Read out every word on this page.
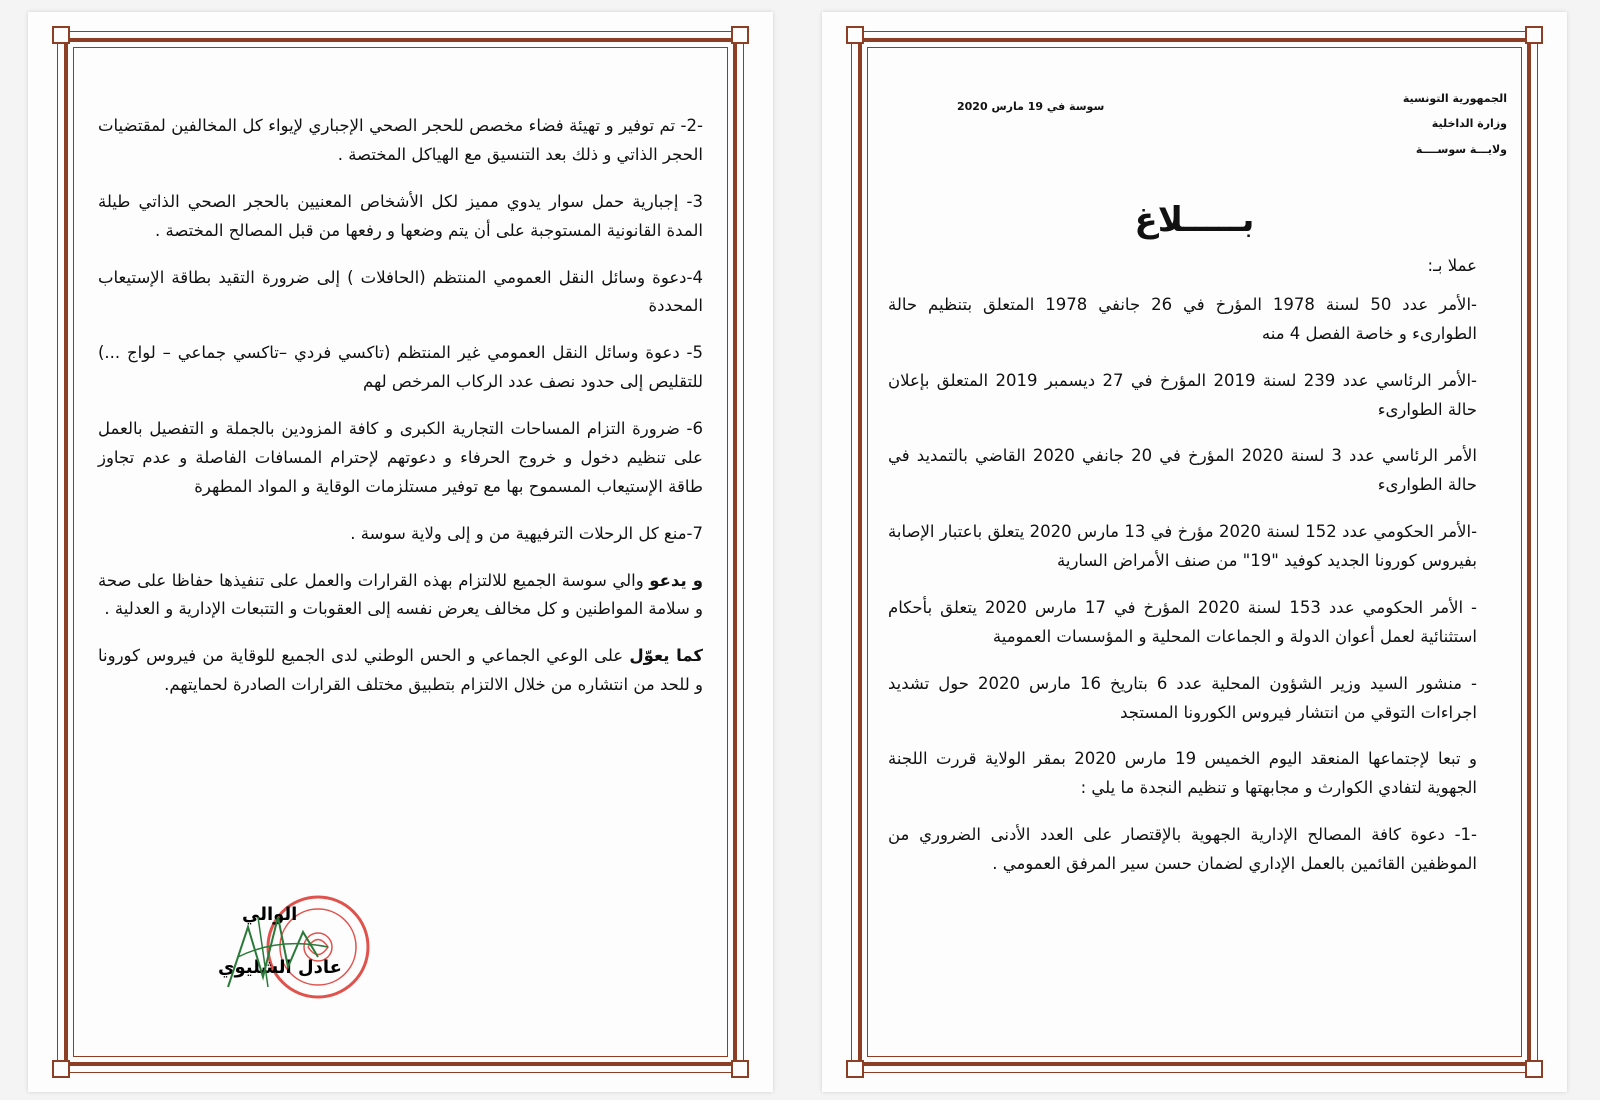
-2- تم توفير و تهيئة فضاء مخصص للحجر الصحي الإجباري لإيواء كل المخالفين لمقتضيات الحجر الذاتي و ذلك بعد التنسيق مع الهياكل المختصة .

3- إجبارية حمل سوار يدوي مميز لكل الأشخاص المعنيين بالحجر الصحي الذاتي طيلة المدة القانونية المستوجبة على أن يتم وضعها و رفعها من قبل المصالح المختصة .

4-دعوة وسائل النقل العمومي المنتظم (الحافلات ) إلى ضرورة التقيد بطاقة الإستيعاب المحددة

5- دعوة وسائل النقل العمومي غير المنتظم (تاكسي فردي –تاكسي جماعي – لواج ...) للتقليص إلى حدود نصف عدد الركاب المرخص لهم

6- ضرورة التزام المساحات التجارية الكبرى و كافة المزودين بالجملة و التفصيل بالعمل على تنظيم دخول و خروج الحرفاء و دعوتهم لإحترام المسافات الفاصلة و عدم تجاوز طاقة الإستيعاب المسموح بها مع توفير مستلزمات الوقاية و المواد المطهرة

7-منع كل الرحلات الترفيهية من و إلى ولاية سوسة .

و يدعو والي سوسة الجميع للالتزام بهذه القرارات والعمل على تنفيذها حفاظا على صحة و سلامة المواطنين و كل مخالف يعرض نفسه إلى العقوبات و التتبعات الإدارية و العدلية .

كما يعوّل على الوعي الجماعي و الحس الوطني لدى الجميع للوقاية من فيروس كورونا و للحد من انتشاره من خلال الالتزام بتطبيق مختلف القرارات الصادرة لحمايتهم.

الوالي
عادل الشليوي
الجمهورية التونسية
وزارة الداخلية
ولايـــة سوســــة
سوسة في 19 مارس 2020
بـــــلاغ

عملا بـ:

-الأمر عدد 50 لسنة 1978 المؤرخ في 26 جانفي 1978 المتعلق بتنظيم حالة الطوارىء و خاصة الفصل 4 منه

-الأمر الرئاسي عدد 239 لسنة 2019 المؤرخ في 27 ديسمبر 2019 المتعلق بإعلان حالة الطوارىء

الأمر الرئاسي عدد 3 لسنة 2020 المؤرخ في 20 جانفي 2020 القاضي بالتمديد في حالة الطوارىء

-الأمر الحكومي عدد 152 لسنة 2020 مؤرخ في 13 مارس 2020 يتعلق باعتبار الإصابة بفيروس كورونا الجديد كوفيد "19" من صنف الأمراض السارية

- الأمر الحكومي عدد 153 لسنة 2020 المؤرخ في 17 مارس 2020 يتعلق بأحكام استثنائية لعمل أعوان الدولة و الجماعات المحلية و المؤسسات العمومية

- منشور السيد وزير الشؤون المحلية عدد 6 بتاريخ 16 مارس 2020 حول تشديد اجراءات التوقي من انتشار فيروس الكورونا المستجد

و تبعا لإجتماعها المنعقد اليوم الخميس 19 مارس 2020 بمقر الولاية قررت اللجنة الجهوية لتفادي الكوارث و مجابهتها و تنظيم النجدة ما يلي :

-1- دعوة كافة المصالح الإدارية الجهوية بالإقتصار على العدد الأدنى الضروري من الموظفين القائمين بالعمل الإداري لضمان حسن سير المرفق العمومي .
